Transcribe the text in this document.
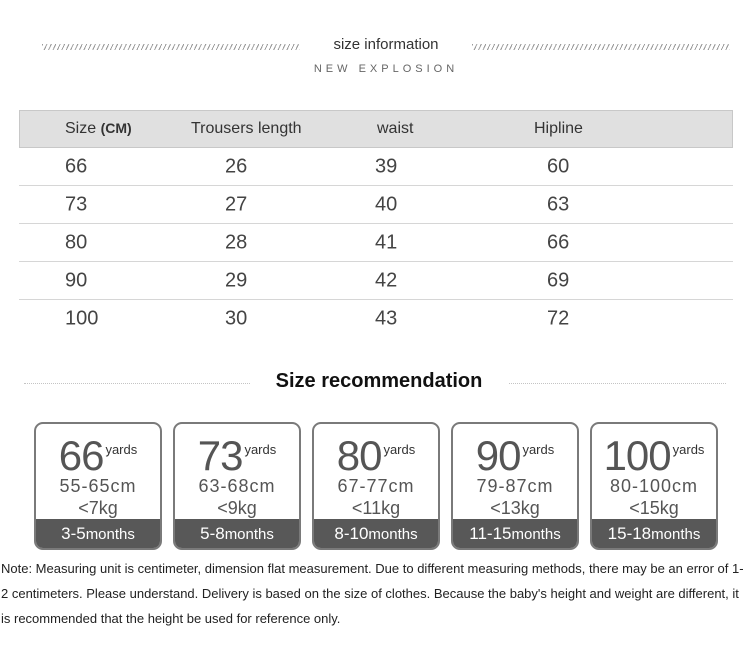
size information
NEW EXPLOSION
Size (CM)	Trousers length	waist	Hipline
66	26	39	60
73	27	40	63
80	28	41	66
90	29	42	69
100	30	43	72
Size recommendation
66 $^{yards}$
55-65cm
<7kg
3-5months
73 $^{yards}$
63-68cm
<9kg
5-8months
80 $^{yards}$
67-77cm
<11kg
8-10months
90 $^{yards}$
79-87cm
<13kg
11-15months
100 $^{yards}$
80-100cm
<15kg
15-18months
Note: Measuring unit is centimeter, dimension flat measurement. Due to different measuring methods, there may be an error of 1-2 centimeters. Please understand. Delivery is based on the size of clothes. Because the baby's height and weight are different, it is recommended that the height be used for reference only.
